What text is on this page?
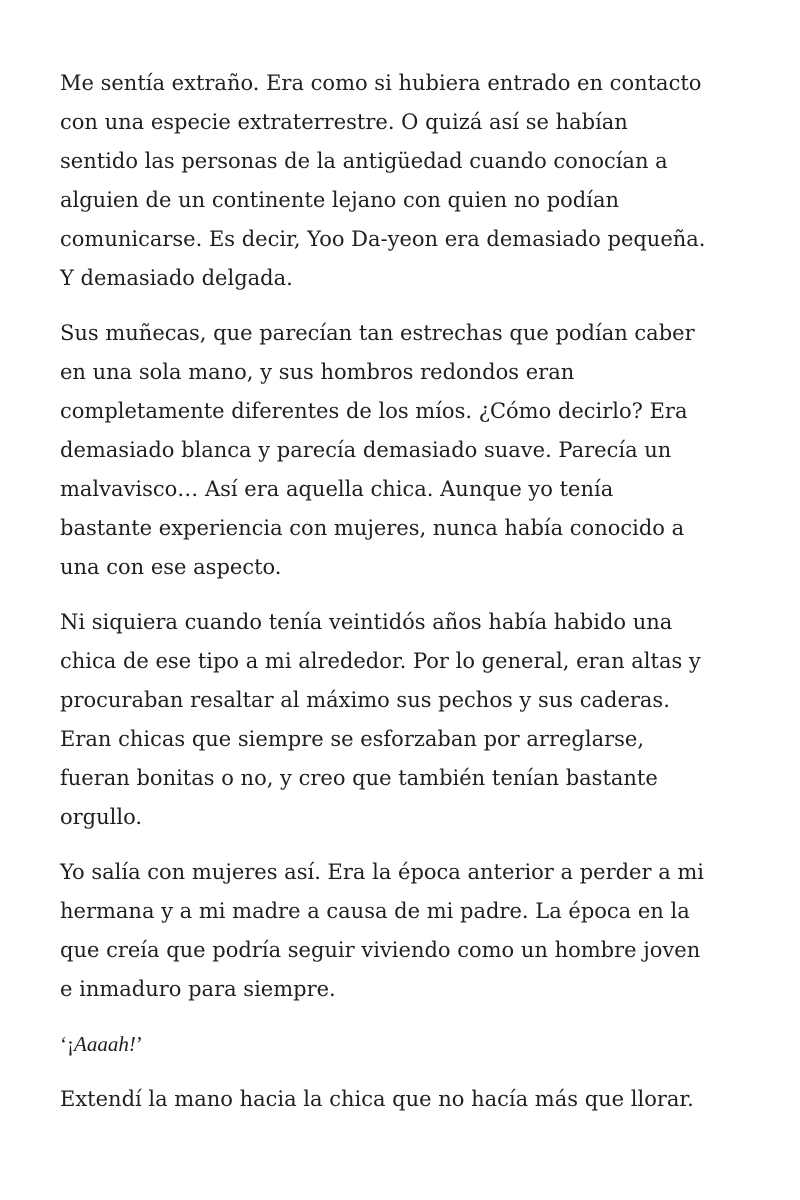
Me sentía extraño. Era como si hubiera entrado en contacto
con una especie extraterrestre. O quizá así se habían
sentido las personas de la antigüedad cuando conocían a
alguien de un continente lejano con quien no podían
comunicarse. Es decir, Yoo Da-yeon era demasiado pequeña.
Y demasiado delgada.
Sus muñecas, que parecían tan estrechas que podían caber
en una sola mano, y sus hombros redondos eran
completamente diferentes de los míos. ¿Cómo decirlo? Era
demasiado blanca y parecía demasiado suave. Parecía un
malvavisco… Así era aquella chica. Aunque yo tenía
bastante experiencia con mujeres, nunca había conocido a
una con ese aspecto.
Ni siquiera cuando tenía veintidós años había habido una
chica de ese tipo a mi alrededor. Por lo general, eran altas y
procuraban resaltar al máximo sus pechos y sus caderas.
Eran chicas que siempre se esforzaban por arreglarse,
fueran bonitas o no, y creo que también tenían bastante
orgullo.
Yo salía con mujeres así. Era la época anterior a perder a mi
hermana y a mi madre a causa de mi padre. La época en la
que creía que podría seguir viviendo como un hombre joven
e inmaduro para siempre.
‘¡Aaaah!’
Extendí la mano hacia la chica que no hacía más que llorar.
